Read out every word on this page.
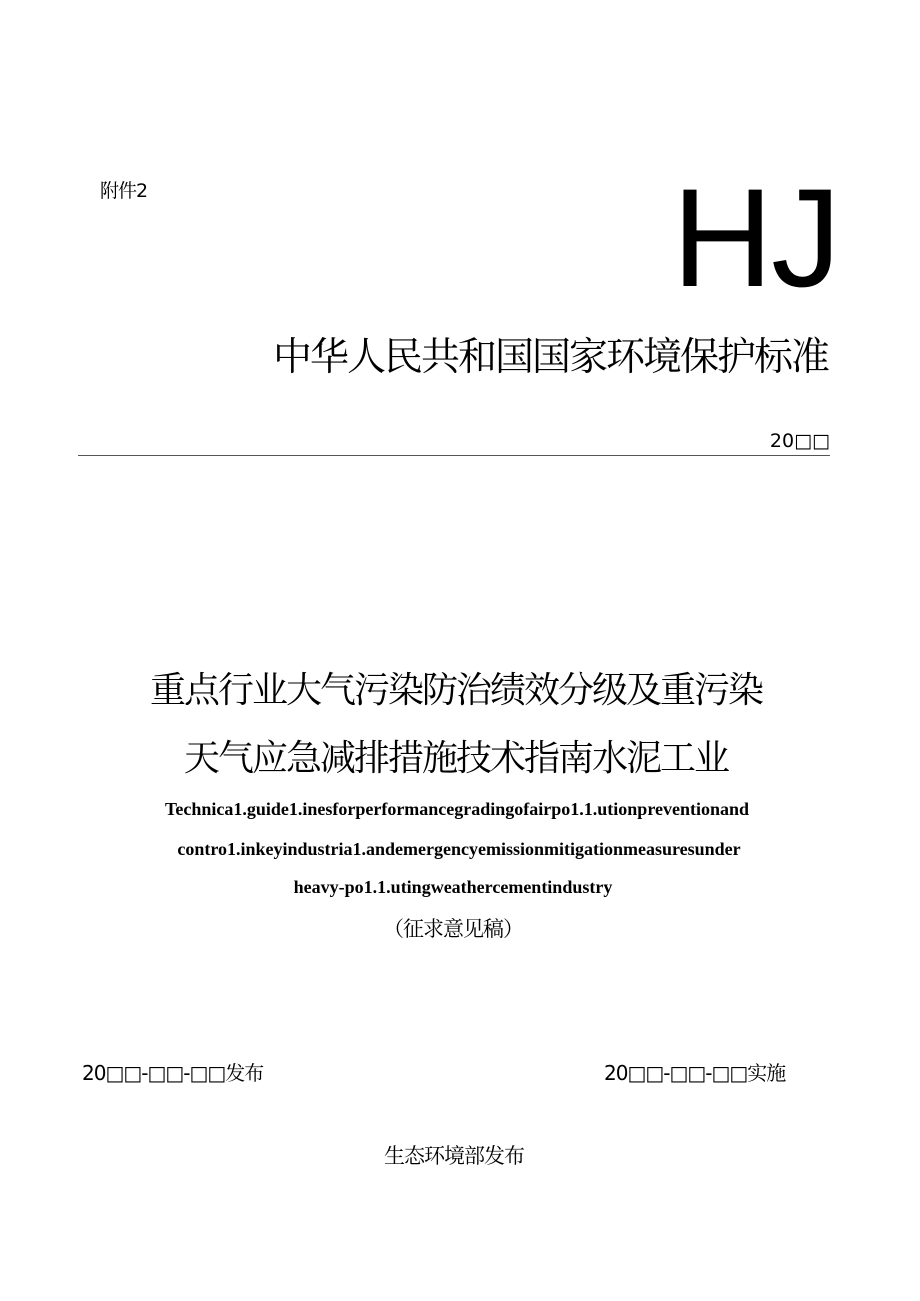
附件2	HJ
中华人民共和国国家环境保护标准
20□□
重点行业大气污染防治绩效分级及重污染
天气应急减排措施技术指南水泥工业
Technica1.guide1.inesforperformancegradingofairpo1.1.utionpreventionand
contro1.inkeyindustria1.andemergencyemissionmitigationmeasuresunder
heavy-po1.1.utingweathercementindustry
（征求意见稿）
20□□-□□-□□发布	20□□-□□-□□实施
生态环境部发布
